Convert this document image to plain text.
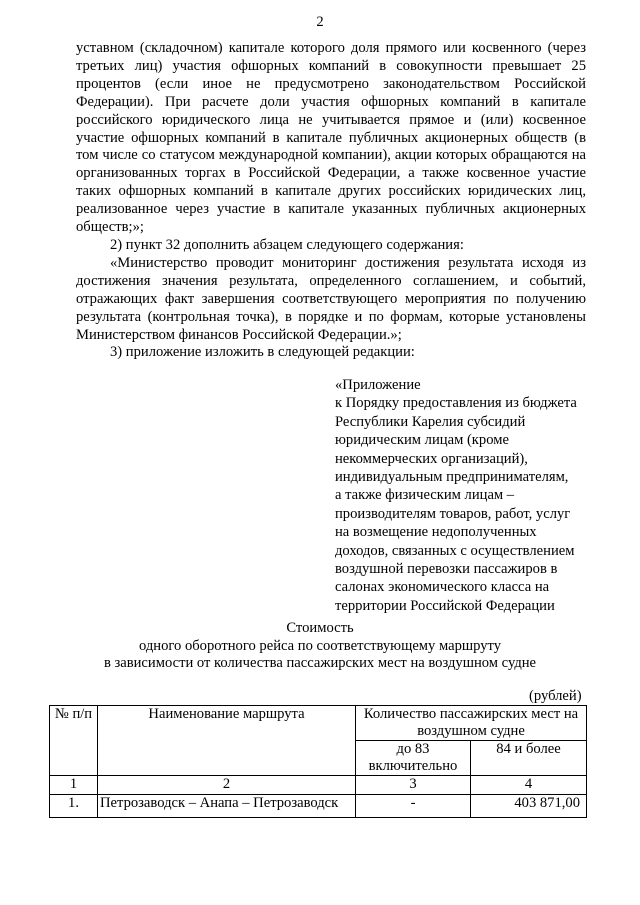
2

уставном (складочном) капитале которого доля прямого или косвенного (через третьих лиц) участия офшорных компаний в совокупности превышает 25 процентов (если иное не предусмотрено законодательством Российской Федерации). При расчете доли участия офшорных компаний в капитале российского юридического лица не учитывается прямое и (или) косвенное участие офшорных компаний в капитале публичных акционерных обществ (в том числе со статусом международной компании), акции которых обращаются на организованных торгах в Российской Федерации, а также косвенное участие таких офшорных компаний в капитале других российских юридических лиц, реализованное через участие в капитале указанных публичных акционерных обществ;»;

2) пункт 32 дополнить абзацем следующего содержания:

«Министерство проводит мониторинг достижения результата исходя из достижения значения результата, определенного соглашением, и событий, отражающих факт завершения соответствующего мероприятия по получению результата (контрольная точка), в порядке и по формам, которые установлены Министерством финансов Российской Федерации.»;

3) приложение изложить в следующей редакции:

«Приложение
к Порядку предоставления из бюджета
Республики Карелия субсидий
юридическим лицам (кроме
некоммерческих организаций),
индивидуальным предпринимателям,
а также физическим лицам –
производителям товаров, работ, услуг
на возмещение недополученных
доходов, связанных с осуществлением
воздушной перевозки пассажиров в
салонах экономического класса на
территории Российской Федерации
Стоимость
одного оборотного рейса по соответствующему маршруту
в зависимости от количества пассажирских мест на воздушном судне
(рублей)
№ п/п	Наименование маршрута	Количество пассажирских мест на воздушном судне	
		до 83 включительно	84 и более
1	2	3	4
1.	Петрозаводск – Анапа – Петрозаводск	-	403 871,00
